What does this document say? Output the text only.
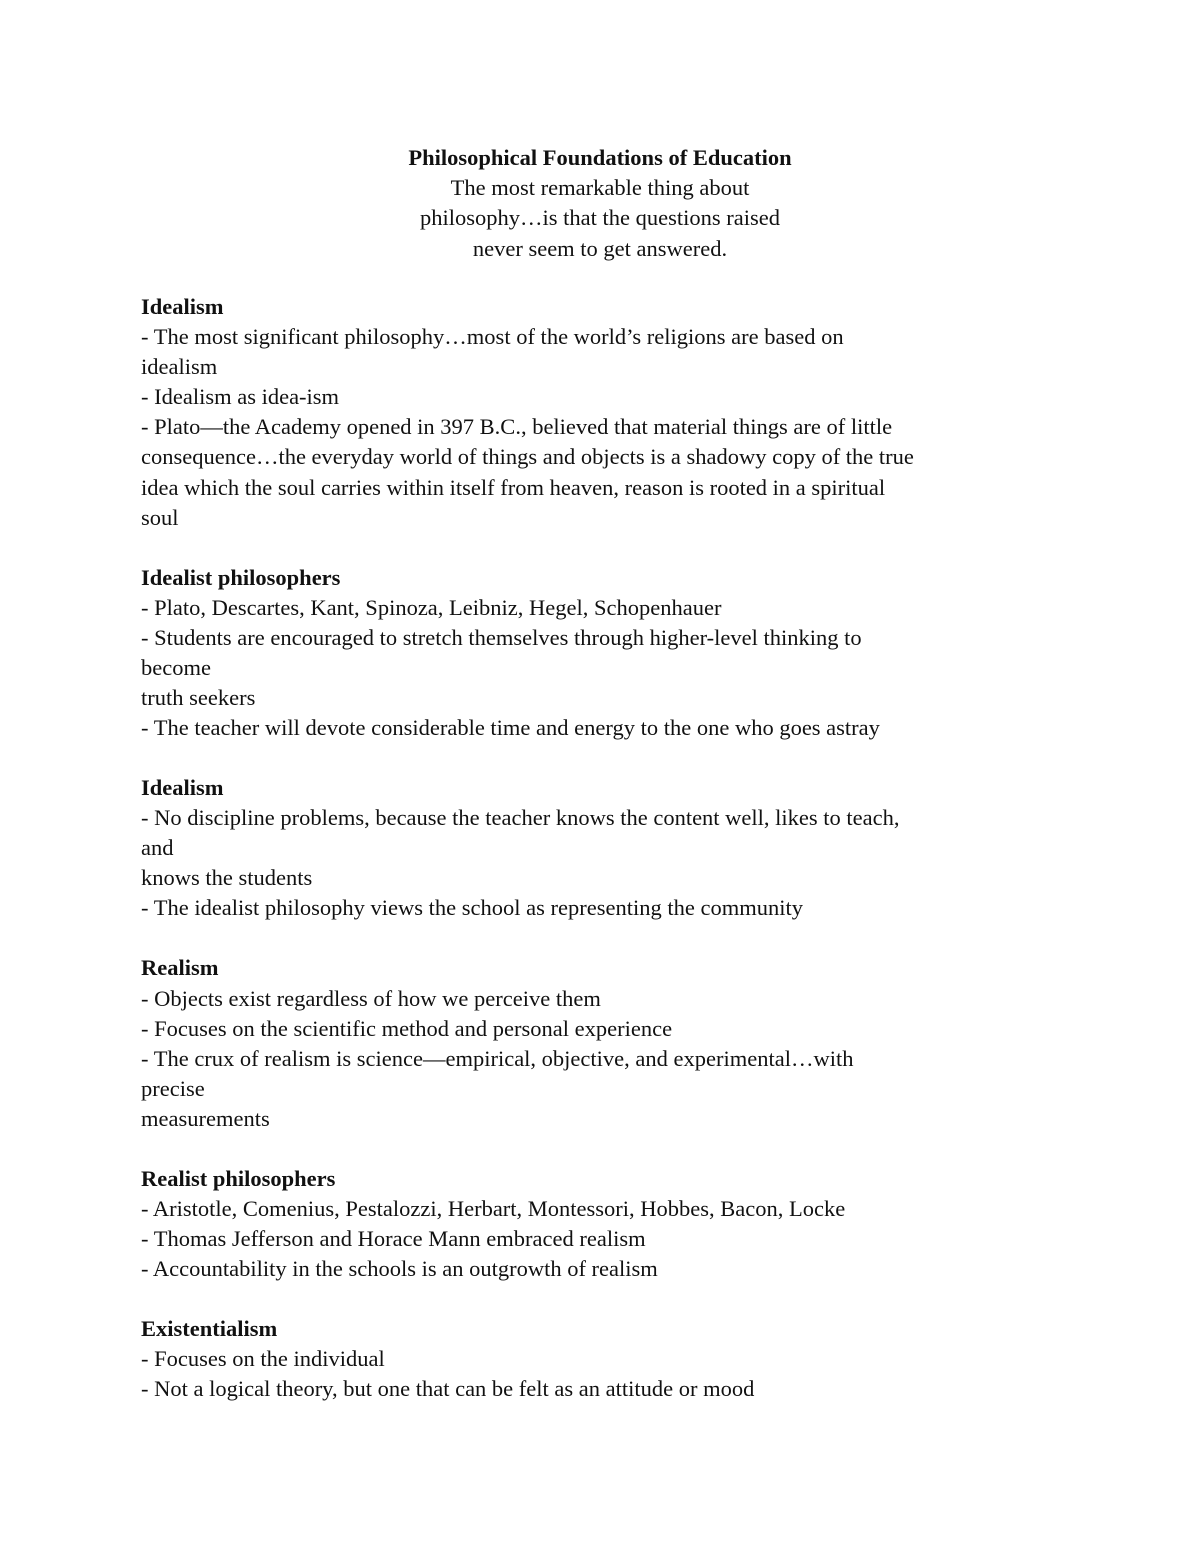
Philosophical Foundations of Education
The most remarkable thing about
philosophy…is that the questions raised
never seem to get answered.
Idealism
- The most significant philosophy…most of the world’s religions are based on
idealism
- Idealism as idea-ism
- Plato—the Academy opened in 397 B.C., believed that material things are of little
consequence…the everyday world of things and objects is a shadowy copy of the true
idea which the soul carries within itself from heaven, reason is rooted in a spiritual
soul
Idealist philosophers
- Plato, Descartes, Kant, Spinoza, Leibniz, Hegel, Schopenhauer
- Students are encouraged to stretch themselves through higher-level thinking to
become
truth seekers
- The teacher will devote considerable time and energy to the one who goes astray
Idealism
- No discipline problems, because the teacher knows the content well, likes to teach,
and
knows the students
- The idealist philosophy views the school as representing the community
Realism
- Objects exist regardless of how we perceive them
- Focuses on the scientific method and personal experience
- The crux of realism is science—empirical, objective, and experimental…with
precise
measurements
Realist philosophers
- Aristotle, Comenius, Pestalozzi, Herbart, Montessori, Hobbes, Bacon, Locke
- Thomas Jefferson and Horace Mann embraced realism
- Accountability in the schools is an outgrowth of realism
Existentialism
- Focuses on the individual
- Not a logical theory, but one that can be felt as an attitude or mood
